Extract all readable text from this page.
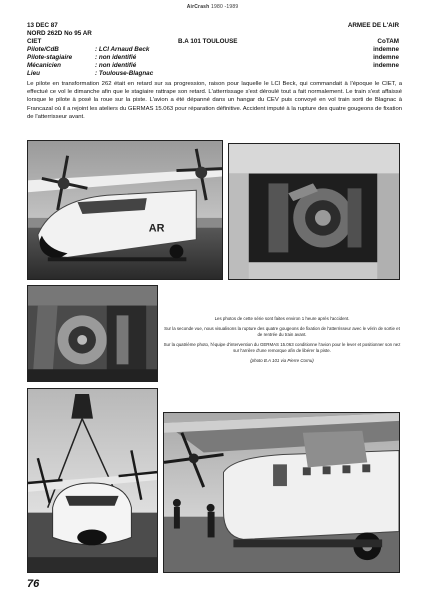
AirCrash 1980 -1989
13 DEC 87	ARMEE DE L'AIR
NORD 262D No 95 AR
CIET	B.A 101 TOULOUSE	CoTAM
Pilote/CdB	: LCl Arnaud Beck	indemne
Pilote-stagiaire	: non identifié	indemne
Mécanicien	: non identifié	indemne
Lieu	: Toulouse-Blagnac
Le pilote en transformation 262 était en retard sur sa progression, raison pour laquelle le LCl Beck, qui commandait à l'époque le CIET, a effectué ce vol le dimanche afin que le stagiaire rattrape son retard. L'atterrissage s'est déroulé tout a fait normalement. Le train s'est affaissé lorsque le pilote à posé la roue sur la piste. L'avion a été dépanné dans un hangar du CEV puis convoyé en vol train sorti de Blagnac à Francazal où il a rejoint les ateliers du GERMAS 15.063 pour réparation définitive. Accident imputé à la rupture des quatre gougeons de fixation de l'atterrisseur avant.
AR

Les photos de cette série sont faites environ 1 heure après l'accident.

Sur la seconde vue, nous visualisons la rupture des quatre gougeons de fixation de l'atterrisseur avec le vérin de sortie et de rentrée du train avant.

Sur la quatrième photo, l'équipe d'intervention du GERMAS 15.063 conditionne l'avion pour le lever et positionner son nez sur l'arrière d'une remorque afin de libérer la piste.

(photo B.A 101 via Pierre Cornu)

76
